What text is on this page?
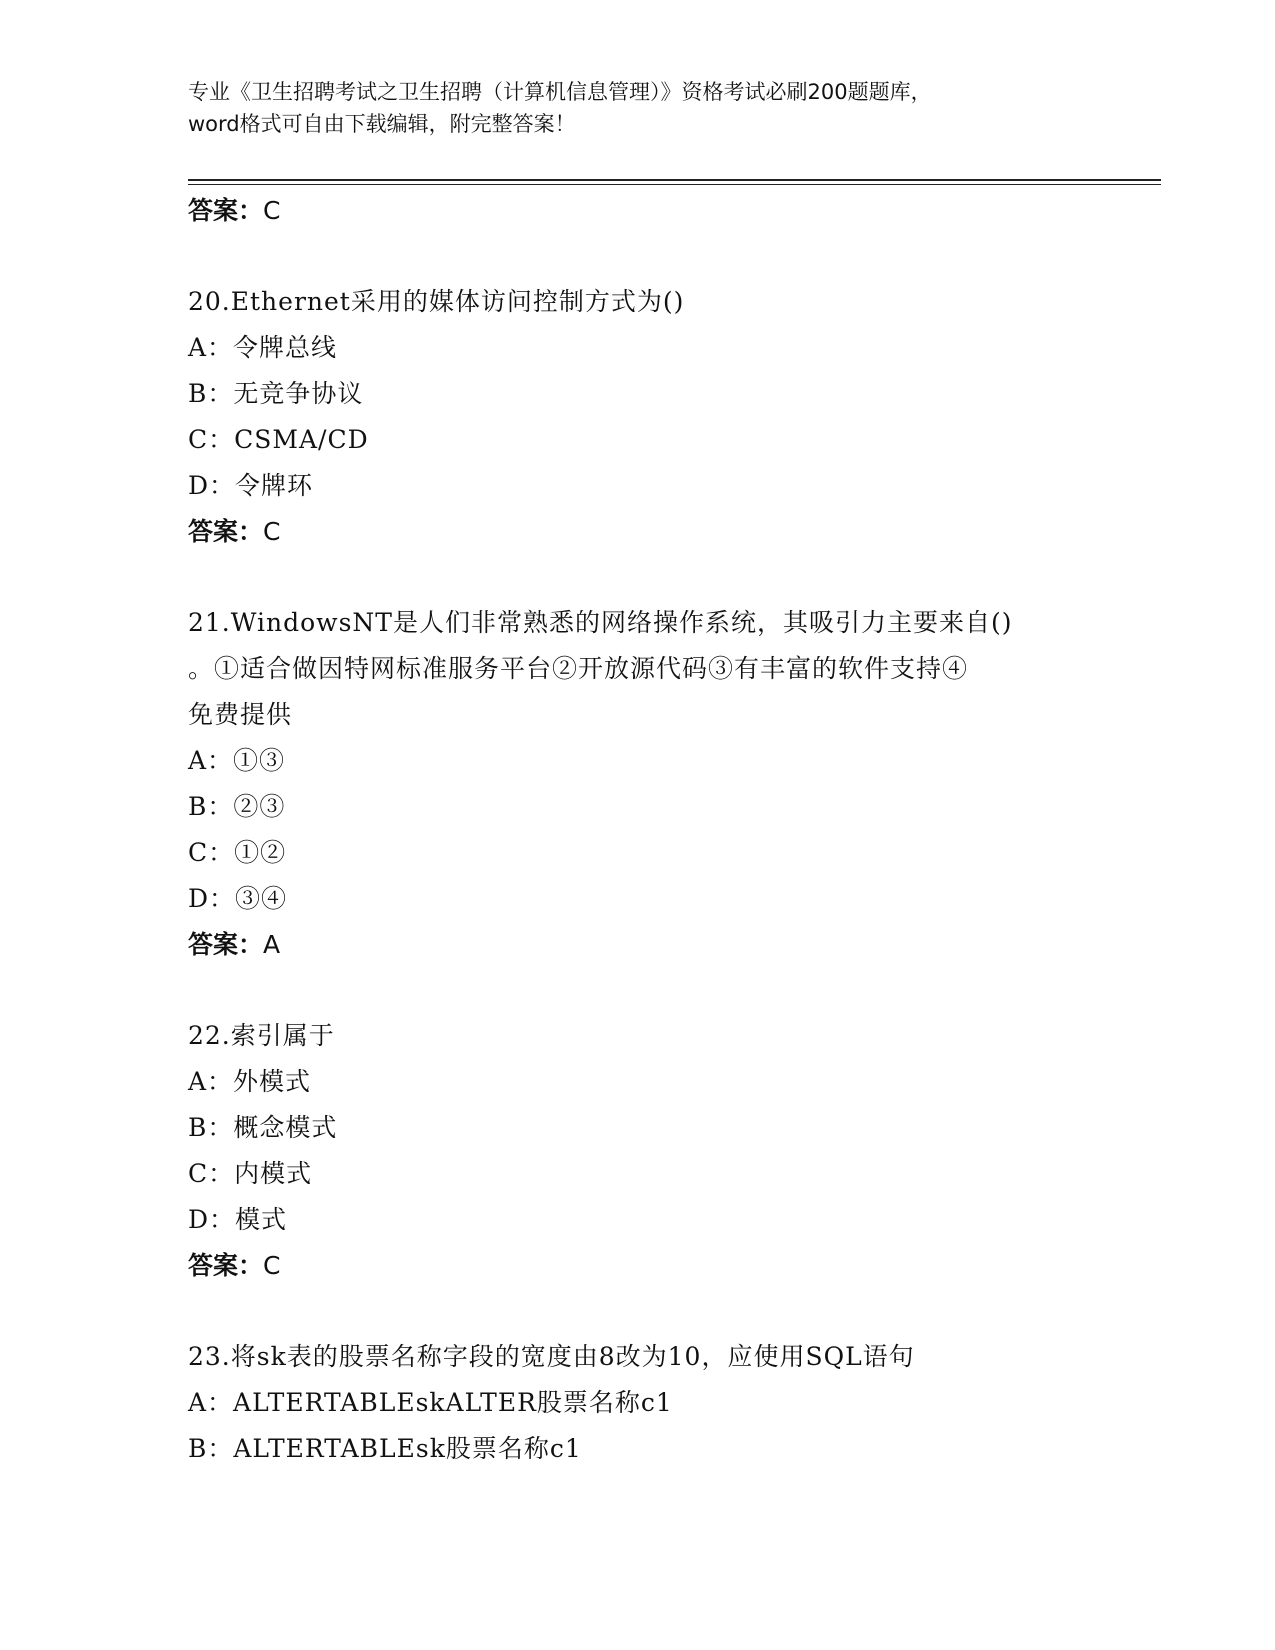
专业《卫生招聘考试之卫生招聘（计算机信息管理）》资格考试必刷200题题库，
word格式可自由下载编辑，附完整答案！

答案：C

20.Ethernet采用的媒体访问控制方式为()

A：令牌总线

B：无竞争协议

C：CSMA/CD

D：令牌环

答案：C

21.WindowsNT是人们非常熟悉的网络操作系统，其吸引力主要来自()

。①适合做因特网标准服务平台②开放源代码③有丰富的软件支持④

免费提供

A：①③

B：②③

C：①②

D：③④

答案：A

22.索引属于

A：外模式

B：概念模式

C：内模式

D：模式

答案：C

23.将sk表的股票名称字段的宽度由8改为10，应使用SQL语句

A：ALTERTABLEskALTER股票名称c1

B：ALTERTABLEsk股票名称c1
